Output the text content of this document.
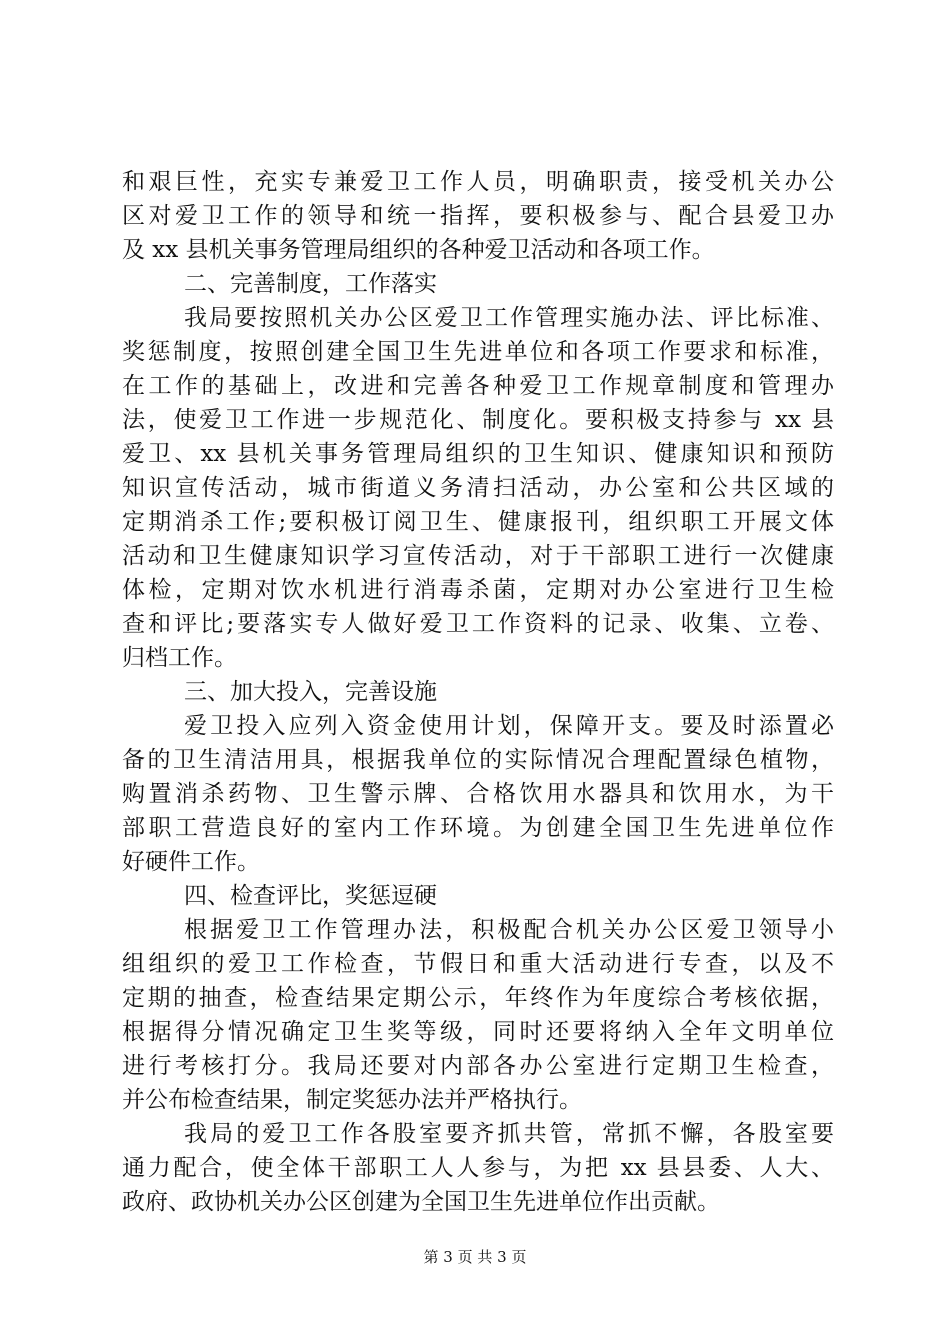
和艰巨性，充实专兼爱卫工作人员，明确职责，接受机关办公
区对爱卫工作的领导和统一指挥，要积极参与、配合县爱卫办
及 xx 县机关事务管理局组织的各种爱卫活动和各项工作。
二、完善制度，工作落实
我局要按照机关办公区爱卫工作管理实施办法、评比标准、
奖惩制度，按照创建全国卫生先进单位和各项工作要求和标准，
在工作的基础上，改进和完善各种爱卫工作规章制度和管理办
法，使爱卫工作进一步规范化、制度化。要积极支持参与 xx 县
爱卫、xx 县机关事务管理局组织的卫生知识、健康知识和预防
知识宣传活动，城市街道义务清扫活动，办公室和公共区域的
定期消杀工作;要积极订阅卫生、健康报刊，组织职工开展文体
活动和卫生健康知识学习宣传活动，对于干部职工进行一次健康
体检，定期对饮水机进行消毒杀菌，定期对办公室进行卫生检
查和评比;要落实专人做好爱卫工作资料的记录、收集、立卷、
归档工作。
三、加大投入，完善设施
爱卫投入应列入资金使用计划，保障开支。要及时添置必
备的卫生清洁用具，根据我单位的实际情况合理配置绿色植物，
购置消杀药物、卫生警示牌、合格饮用水器具和饮用水，为干
部职工营造良好的室内工作环境。为创建全国卫生先进单位作
好硬件工作。
四、检查评比，奖惩逗硬
根据爱卫工作管理办法，积极配合机关办公区爱卫领导小
组组织的爱卫工作检查，节假日和重大活动进行专查，以及不
定期的抽查，检查结果定期公示，年终作为年度综合考核依据，
根据得分情况确定卫生奖等级，同时还要将纳入全年文明单位
进行考核打分。我局还要对内部各办公室进行定期卫生检查，
并公布检查结果，制定奖惩办法并严格执行。
我局的爱卫工作各股室要齐抓共管，常抓不懈，各股室要
通力配合，使全体干部职工人人参与，为把 xx 县县委、人大、
政府、政协机关办公区创建为全国卫生先进单位作出贡献。
第 3 页 共 3 页
